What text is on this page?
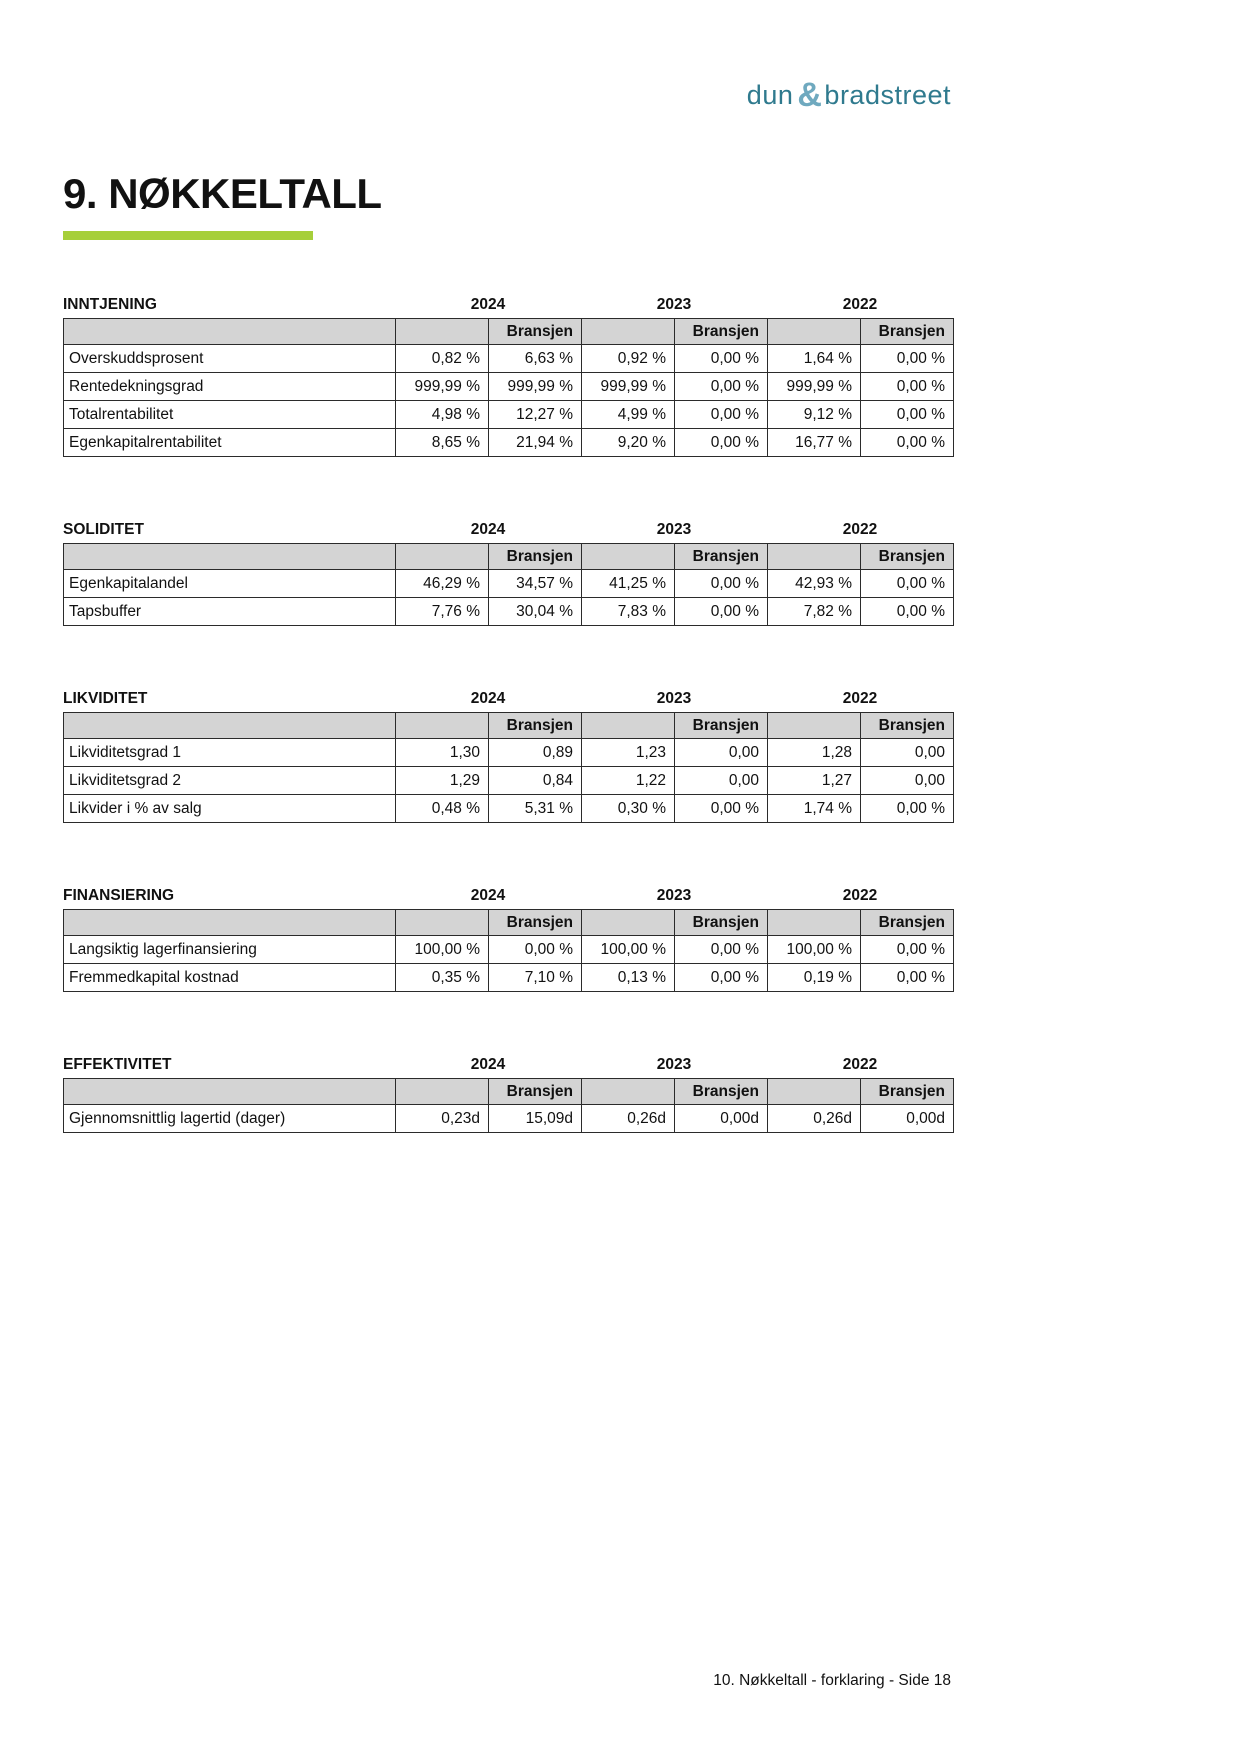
dun & bradstreet
9. NØKKELTALL
INNTJENING	2024	2023	2022
		Bransjen		Bransjen		Bransjen
Overskuddsprosent	0,82 %	6,63 %	0,92 %	0,00 %	1,64 %	0,00 %
Rentedekningsgrad	999,99 %	999,99 %	999,99 %	0,00 %	999,99 %	0,00 %
Totalrentabilitet	4,98 %	12,27 %	4,99 %	0,00 %	9,12 %	0,00 %
Egenkapitalrentabilitet	8,65 %	21,94 %	9,20 %	0,00 %	16,77 %	0,00 %
SOLIDITET	2024	2023	2022
		Bransjen		Bransjen		Bransjen
Egenkapitalandel	46,29 %	34,57 %	41,25 %	0,00 %	42,93 %	0,00 %
Tapsbuffer	7,76 %	30,04 %	7,83 %	0,00 %	7,82 %	0,00 %
LIKVIDITET	2024	2023	2022
		Bransjen		Bransjen		Bransjen
Likviditetsgrad 1	1,30	0,89	1,23	0,00	1,28	0,00
Likviditetsgrad 2	1,29	0,84	1,22	0,00	1,27	0,00
Likvider i % av salg	0,48 %	5,31 %	0,30 %	0,00 %	1,74 %	0,00 %
FINANSIERING	2024	2023	2022
		Bransjen		Bransjen		Bransjen
Langsiktig lagerfinansiering	100,00 %	0,00 %	100,00 %	0,00 %	100,00 %	0,00 %
Fremmedkapital kostnad	0,35 %	7,10 %	0,13 %	0,00 %	0,19 %	0,00 %
EFFEKTIVITET	2024	2023	2022
		Bransjen		Bransjen		Bransjen
Gjennomsnittlig lagertid (dager)	0,23d	15,09d	0,26d	0,00d	0,26d	0,00d
10. Nøkkeltall - forklaring - Side 18
